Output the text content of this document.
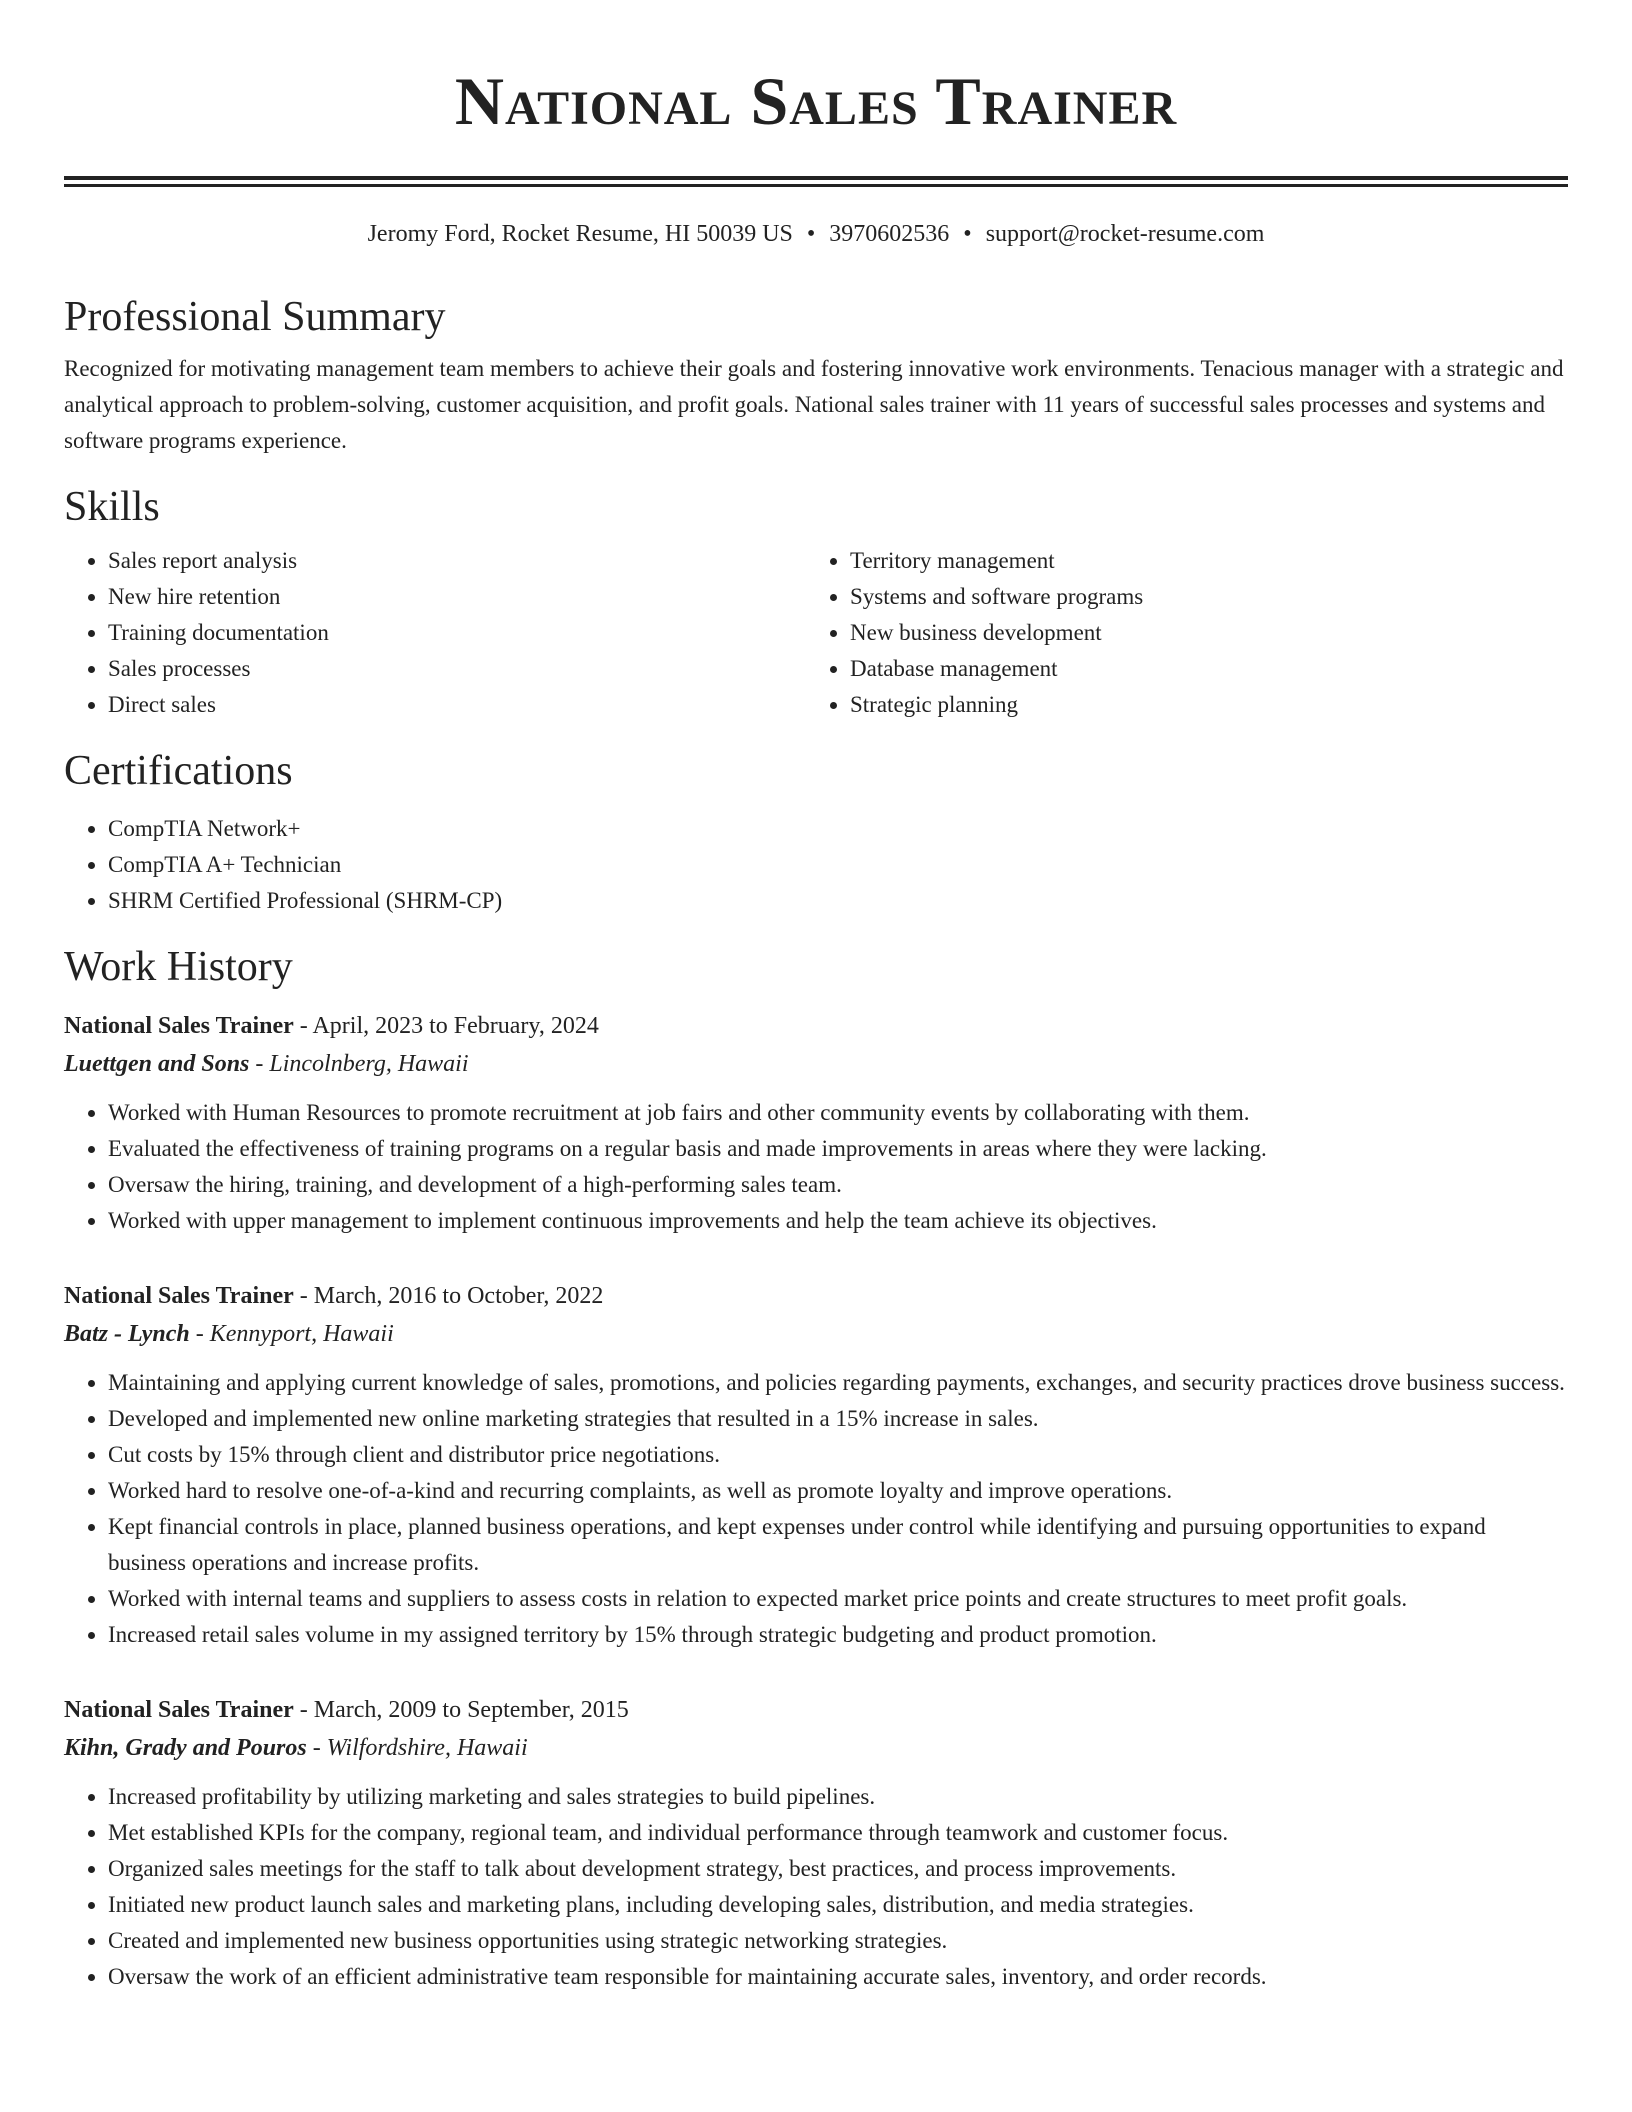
National Sales Trainer
Jeromy Ford, Rocket Resume, HI 50039 US • 3970602536 • support@rocket-resume.com
Professional Summary
Recognized for motivating management team members to achieve their goals and fostering innovative work environments. Tenacious manager with a strategic and analytical approach to problem-solving, customer acquisition, and profit goals. National sales trainer with 11 years of successful sales processes and systems and software programs experience.
Skills
• Sales report analysis
• New hire retention
• Training documentation
• Sales processes
• Direct sales
• Territory management
• Systems and software programs
• New business development
• Database management
• Strategic planning
Certifications
• CompTIA Network+
• CompTIA A+ Technician
• SHRM Certified Professional (SHRM-CP)
Work History
National Sales Trainer - April, 2023 to February, 2024
Luettgen and Sons - Lincolnberg, Hawaii
• Worked with Human Resources to promote recruitment at job fairs and other community events by collaborating with them.
• Evaluated the effectiveness of training programs on a regular basis and made improvements in areas where they were lacking.
• Oversaw the hiring, training, and development of a high-performing sales team.
• Worked with upper management to implement continuous improvements and help the team achieve its objectives.
National Sales Trainer - March, 2016 to October, 2022
Batz - Lynch - Kennyport, Hawaii
• Maintaining and applying current knowledge of sales, promotions, and policies regarding payments, exchanges, and security practices drove business success.
• Developed and implemented new online marketing strategies that resulted in a 15% increase in sales.
• Cut costs by 15% through client and distributor price negotiations.
• Worked hard to resolve one-of-a-kind and recurring complaints, as well as promote loyalty and improve operations.
• Kept financial controls in place, planned business operations, and kept expenses under control while identifying and pursuing opportunities to expand business operations and increase profits.
• Worked with internal teams and suppliers to assess costs in relation to expected market price points and create structures to meet profit goals.
• Increased retail sales volume in my assigned territory by 15% through strategic budgeting and product promotion.
National Sales Trainer - March, 2009 to September, 2015
Kihn, Grady and Pouros - Wilfordshire, Hawaii
• Increased profitability by utilizing marketing and sales strategies to build pipelines.
• Met established KPIs for the company, regional team, and individual performance through teamwork and customer focus.
• Organized sales meetings for the staff to talk about development strategy, best practices, and process improvements.
• Initiated new product launch sales and marketing plans, including developing sales, distribution, and media strategies.
• Created and implemented new business opportunities using strategic networking strategies.
• Oversaw the work of an efficient administrative team responsible for maintaining accurate sales, inventory, and order records.
